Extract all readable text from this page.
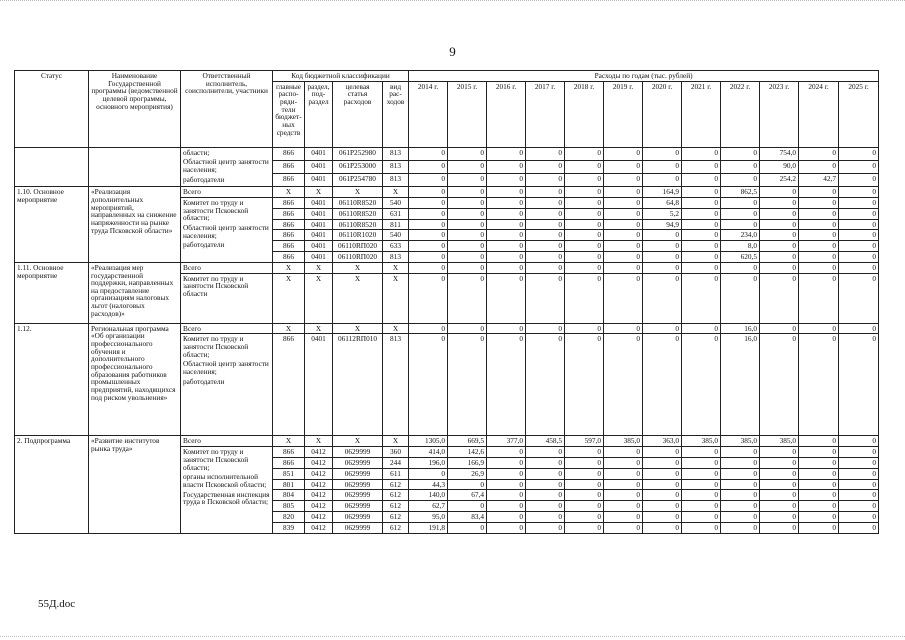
9
Статус	Наименование Государственной программы (ведомственной целевой программы, основного мероприятия)	Ответственный исполнитель, соисполнители, участники	Код бюджетной классификации				Расходы по годам (тыс. рублей)											
			главные распо-ряди-тели бюджет-ных средств	раздел, под-раздел	целевая статья расходов	вид рас-ходов	2014 г.	2015 г.	2016 г.	2017 г.	2018 г.	2019 г.	2020 г.	2021 г.	2022 г.	2023 г.	2024 г.	2025 г.

		области;
Областной центр занятости населения;
работодатели	866	0401	061P252980	813	0	0	0	0	0	0	0	0	0	754,0	0	0
			866	0401	061P253000	813	0	0	0	0	0	0	0	0	0	90,0	0	0
			866	0401	061P254780	813	0	0	0	0	0	0	0	0	0	254,2	42,7	0
1.10. Основное мероприятие	«Реализация дополнительных мероприятий, направленных на снижение напряженности на рынке труда Псковской области»	Всего	X	X	X	X	0	0	0	0	0	0	164,9	0	862,5	0	0	0

		Комитет по труду и занятости Псковской области;
Областной центр занятости населения;
работодатели	866	0401	06110R8520	540	0	0	0	0	0	0	64,8	0	0	0	0	0
			866	0401	06110R8520	631	0	0	0	0	0	0	5,2	0	0	0	0	0
			866	0401	06110R8520	811	0	0	0	0	0	0	94,9	0	0	0	0	0
			866	0401	06110R1020	540	0	0	0	0	0	0	0	0	234,0	0	0	0
			866	0401	06110RП020	633	0	0	0	0	0	0	0	0	8,0	0	0	0
			866	0401	06110RП020	813	0	0	0	0	0	0	0	0	620,5	0	0	0
1.11. Основное мероприятие	«Реализация мер государственной поддержки, направленных на предоставление организациям налоговых льгот (налоговых расходов)»	Всего	X	X	X	X	0	0	0	0	0	0	0	0	0	0	0	0

		Комитет по труду и занятости Псковской области	X	X	X	X	0	0	0	0	0	0	0	0	0	0	0	0
1.12.	Региональная программа «Об организации профессионального обучения и дополнительного профессионального образования работников промышленных предприятий, находящихся под риском увольнения»	Всего	X	X	X	X	0	0	0	0	0	0	0	0	16,0	0	0	0

		Комитет по труду и занятости Псковской области;
Областной центр занятости населения;
работодатели	866	0401	06112RП010	813	0	0	0	0	0	0	0	0	16,0	0	0	0
2. Подпрограмма	«Развитие институтов рынка труда»	Всего	X	X	X	X	1305,0	669,5	377,0	458,5	597,0	385,0	363,0	385,0	385,0	385,0	0	0

		Комитет по труду и занятости Псковской области;
органы исполнительной власти Псковской области;
Государственная инспекция труда в Псковской области;	866	0412	0629999	360	414,0	142,6	0	0	0	0	0	0	0	0	0	0
			866	0412	0629999	244	196,0	166,9	0	0	0	0	0	0	0	0	0	0
			851	0412	0629999	611	0	26,9	0	0	0	0	0	0	0	0	0	0
			801	0412	0629999	612	44,3	0	0	0	0	0	0	0	0	0	0	0
			804	0412	0629999	612	140,0	67,4	0	0	0	0	0	0	0	0	0	0
			805	0412	0629999	612	62,7	0	0	0	0	0	0	0	0	0	0	0
			820	0412	0629999	612	95,0	83,4	0	0	0	0	0	0	0	0	0	0
			839	0412	0629999	612	191,8	0	0	0	0	0	0	0	0	0	0	0
55Д.doc
